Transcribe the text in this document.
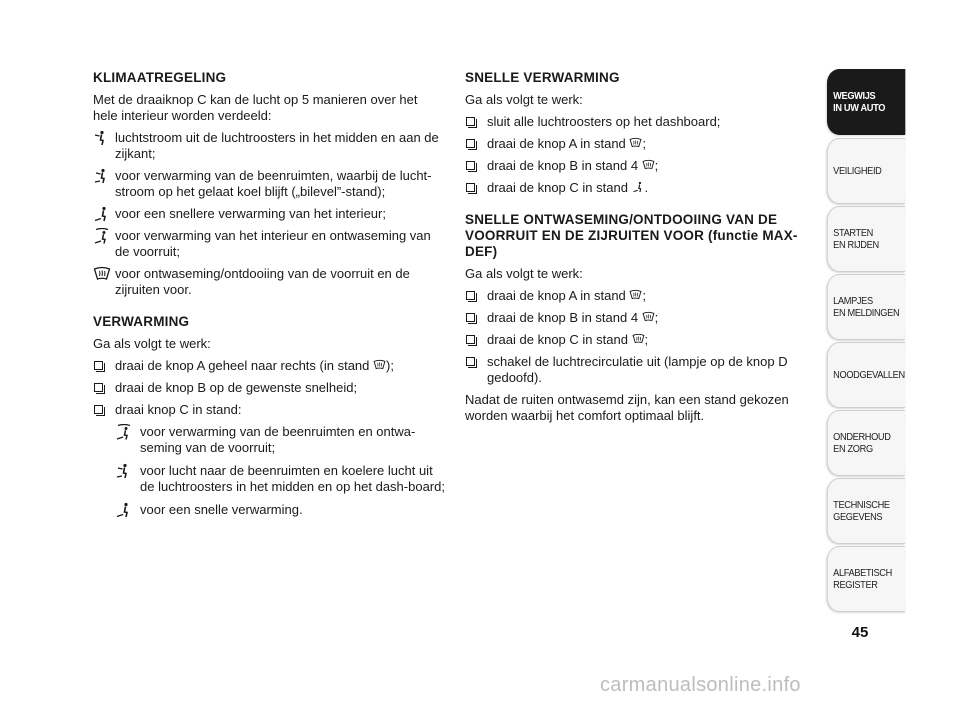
KLIMAATREGELING
Met de draaiknop C kan de lucht op 5 manieren over het hele interieur worden verdeeld:
luchtstroom uit de luchtroosters in het midden en aan de zijkant;
voor verwarming van de beenruimten, waarbij de lucht-stroom op het gelaat koel blijft („bilevel”-stand);
voor een snellere verwarming van het interieur;
voor verwarming van het interieur en ontwaseming van de voorruit;
voor ontwaseming/ontdooiing van de voorruit en de zijruiten voor.
VERWARMING
Ga als volgt te werk:
draai de knop A geheel naar rechts (in stand );
draai de knop B op de gewenste snelheid;
draai knop C in stand:
voor verwarming van de beenruimten en ontwa-seming van de voorruit;
voor lucht naar de beenruimten en koelere lucht uit de luchtroosters in het midden en op het dash-board;
voor een snelle verwarming.
SNELLE VERWARMING
Ga als volgt te werk:
sluit alle luchtroosters op het dashboard;
draai de knop A in stand ;
draai de knop B in stand 4 ;
draai de knop C in stand .
SNELLE ONTWASEMING/ONTDOOIING VAN DE VOORRUIT EN DE ZIJRUITEN VOOR (functie MAX-DEF)
Ga als volgt te werk:
draai de knop A in stand ;
draai de knop B in stand 4 ;
draai de knop C in stand ;
schakel de luchtrecirculatie uit (lampje op de knop D gedoofd).
Nadat de ruiten ontwasemd zijn, kan een stand gekozen worden waarbij het comfort optimaal blijft.
WEGWIJS
IN UW AUTO
VEILIGHEID
STARTEN
EN RIJDEN
LAMPJES
EN MELDINGEN
NOODGEVALLEN
ONDERHOUD
EN ZORG
TECHNISCHE
GEGEVENS
ALFABETISCH
REGISTER
45
carmanualsonline.info
